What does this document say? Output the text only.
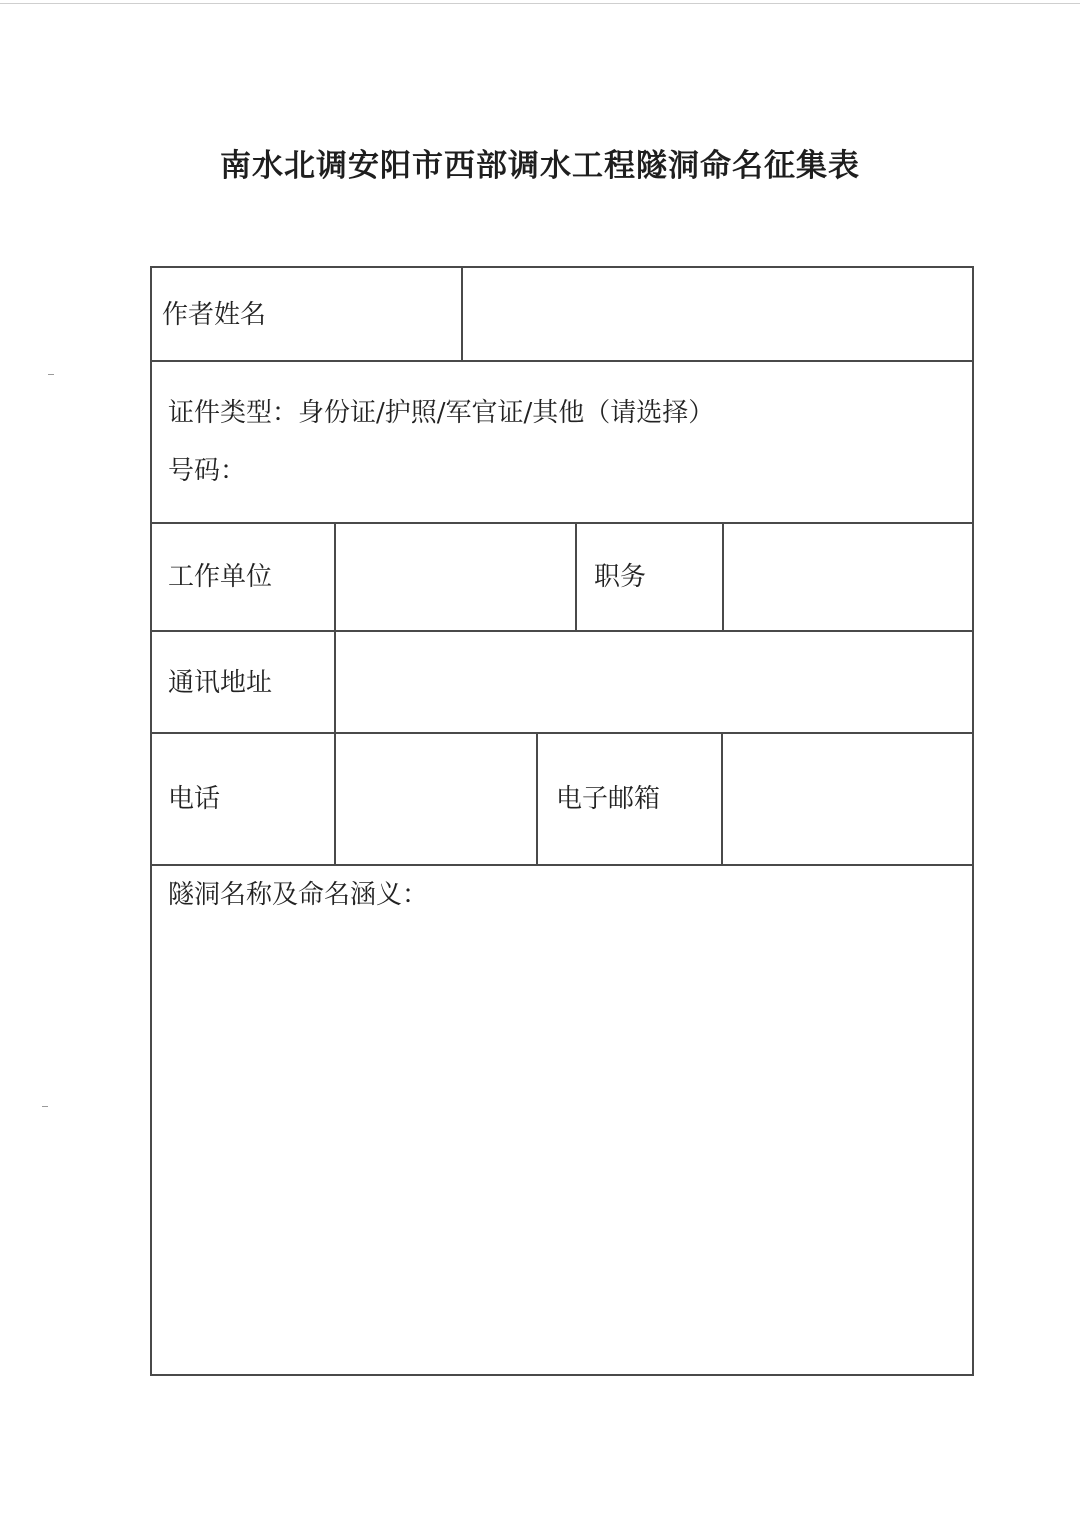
南水北调安阳市西部调水工程隧洞命名征集表
作者姓名
证件类型：身份证/护照/军官证/其他（请选择）
号码：
工作单位	职务
通讯地址
电话	电子邮箱
隧洞名称及命名涵义：
